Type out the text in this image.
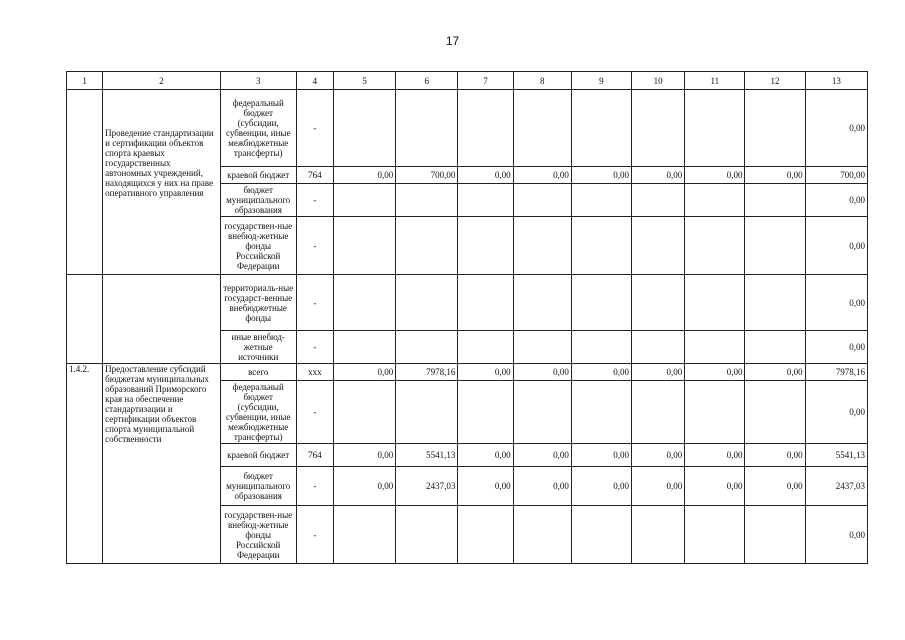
17
1	2	3	4	5	6	7	8	9	10	11	12	13
	Проведение стандартизации и сертификации объектов спорта краевых государственных автономных учреждений, находящихся у них на праве оперативного управления	федеральный бюджет (субсидии, субвенции, иные межбюджетные трансферты)	-									0,00
		краевой бюджет	764	0,00	700,00	0,00	0,00	0,00	0,00	0,00	0,00	700,00
		бюджет муниципального образования	-									0,00
		государствен-ные внебюд-жетные фонды Российской Федерации	-									0,00
		территориаль-ные государст-венные внебюджетные фонды	-									0,00
		иные внебюд-жетные источники	-									0,00
1.4.2.	Предоставление субсидий бюджетам муниципальных образований Приморского края на обеспечение стандартизации и сертификации объектов спорта муниципальной собственности	всего	ххх	0,00	7978,16	0,00	0,00	0,00	0,00	0,00	0,00	7978,16
		федеральный бюджет (субсидии, субвенции, иные межбюджетные трансферты)	-									0,00
		краевой бюджет	764	0,00	5541,13	0,00	0,00	0,00	0,00	0,00	0,00	5541,13
		бюджет муниципального образования	-	0,00	2437,03	0,00	0,00	0,00	0,00	0,00	0,00	2437,03
		государствен-ные внебюд-жетные фонды Российской Федерации	-									0,00
